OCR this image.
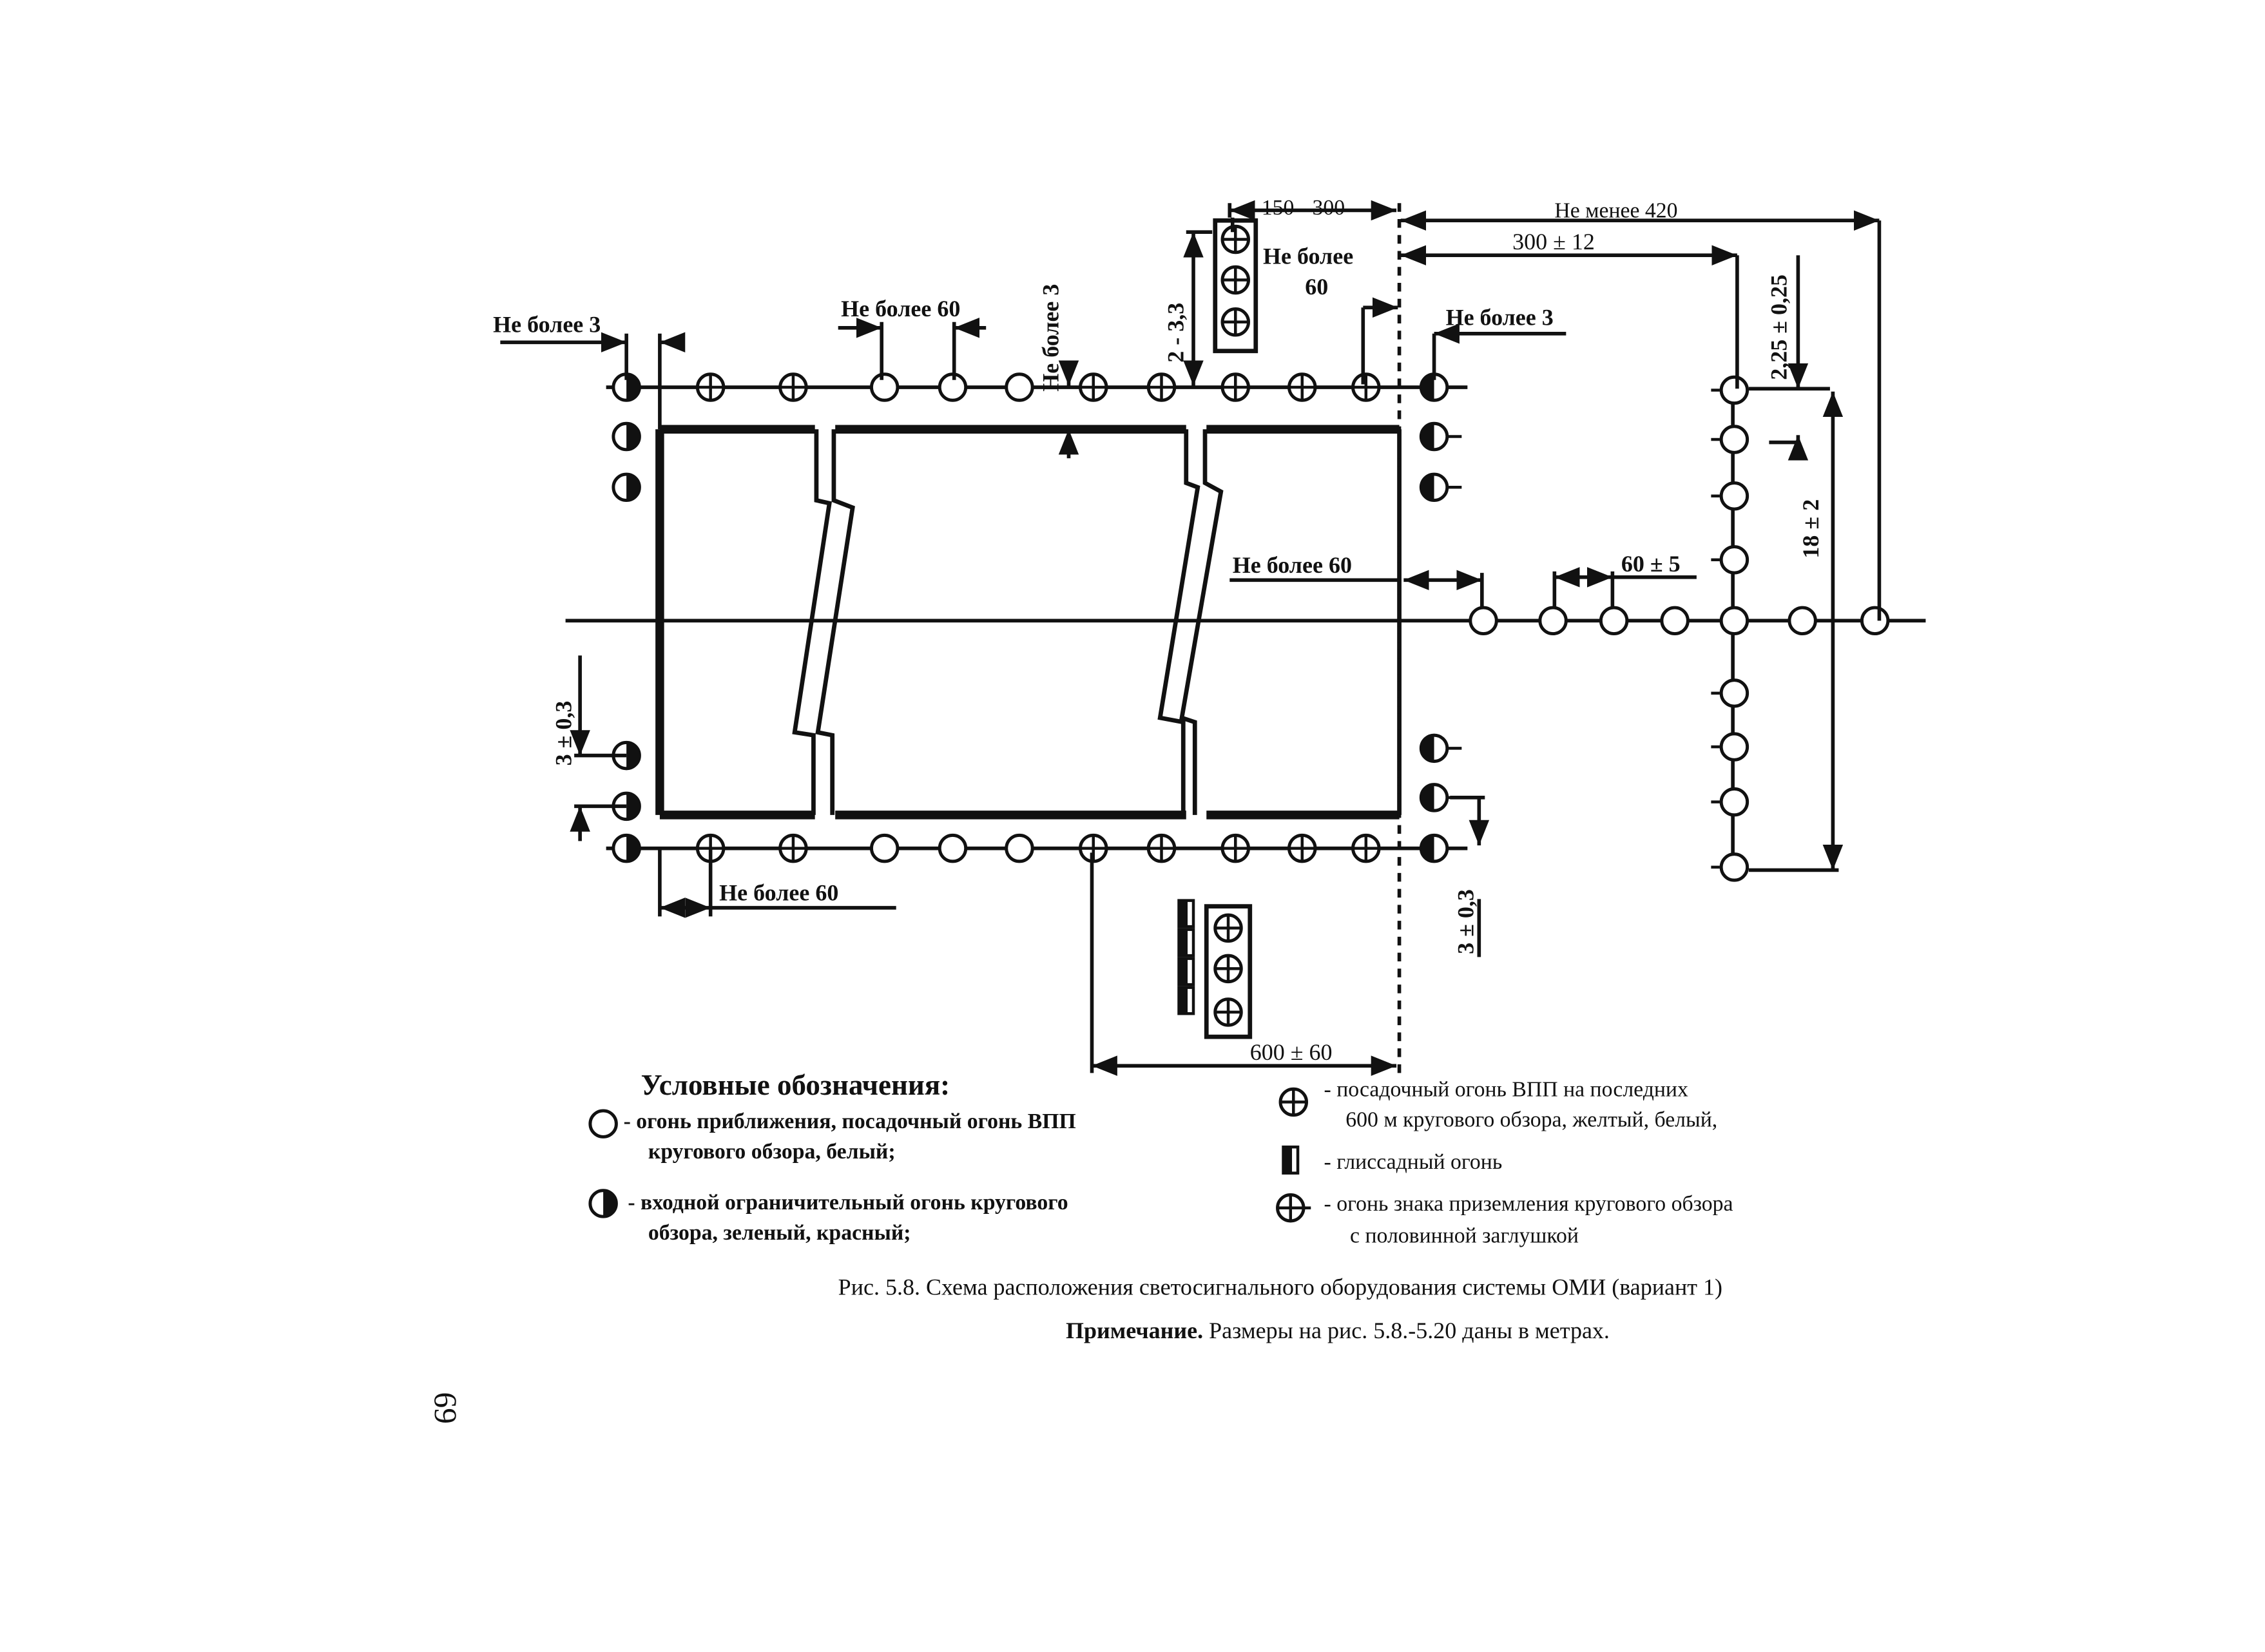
150 - 300	Не менее 420
300 ± 12
Не более
60
Не более 3
Не более 60	Не более 3	2 - 3,3	Не более 3	2,25 ± 0,25
18 ± 2
Не более 60	60 ± 5
3 ± 0,3
3 ± 0,3
Не более 60
600 ± 60
Условные обозначения:
- огонь приближения, посадочный огонь ВПП
кругового обзора, белый;
- входной ограничительный огонь кругового
обзора, зеленый, красный;
- посадочный огонь ВПП на последних
600 м кругового обзора, желтый, белый,
- глиссадный огонь
- огонь знака приземления кругового обзора
с половинной заглушкой
Рис. 5.8. Схема расположения светосигнального оборудования системы ОМИ (вариант 1)
Примечание. Размеры на рис. 5.8.-5.20 даны в метрах.
69
